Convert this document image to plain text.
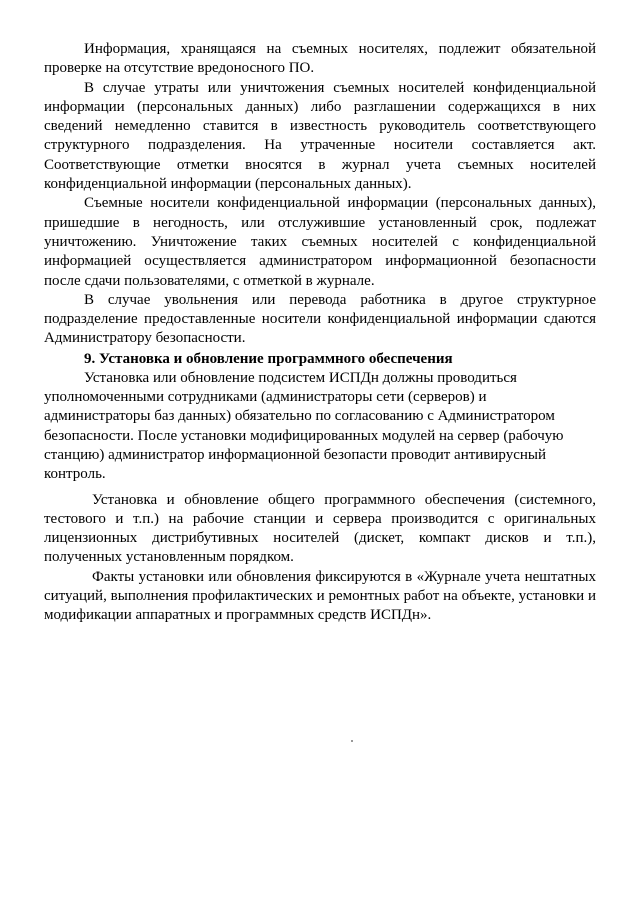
Информация, хранящаяся на съемных носителях, подлежит обязательной проверке на отсутствие вредоносного ПО.

В случае утраты или уничтожения съемных носителей конфиденциальной информации (персональных данных) либо разглашении содержащихся в них сведений немедленно ставится в известность руководитель соответствующего структурного подразделения. На утраченные носители составляется акт. Соответствующие отметки вносятся в журнал учета съемных носителей конфиденциальной информации (персональных данных).

Съемные носители конфиденциальной информации (персональных данных), пришедшие в негодность, или отслужившие установленный срок, подлежат уничтожению. Уничтожение таких съемных носителей с конфиденциальной информацией осуществляется администратором информационной безопасности после сдачи пользователями, с отметкой в журнале.

В случае увольнения или перевода работника в другое структурное подразделение предоставленные носители конфиденциальной информации сдаются Администратору безопасности.

9. Установка и обновление программного обеспечения

Установка или обновление подсистем ИСПДн должны проводиться уполномоченными сотрудниками (администраторы сети (серверов) и администраторы баз данных) обязательно по согласованию с Администратором безопасности. После установки модифицированных модулей на сервер (рабочую станцию) администратор информационной безопасти проводит антивирусный контроль.

Установка и обновление общего программного обеспечения (системного, тестового и т.п.) на рабочие станции и сервера производится с оригинальных лицензионных дистрибутивных носителей (дискет, компакт дисков и т.п.), полученных установленным порядком.

Факты установки или обновления фиксируются в «Журнале учета нештатных ситуаций, выполнения профилактических и ремонтных работ на объекте, установки и модификации аппаратных и программных средств ИСПДн».
